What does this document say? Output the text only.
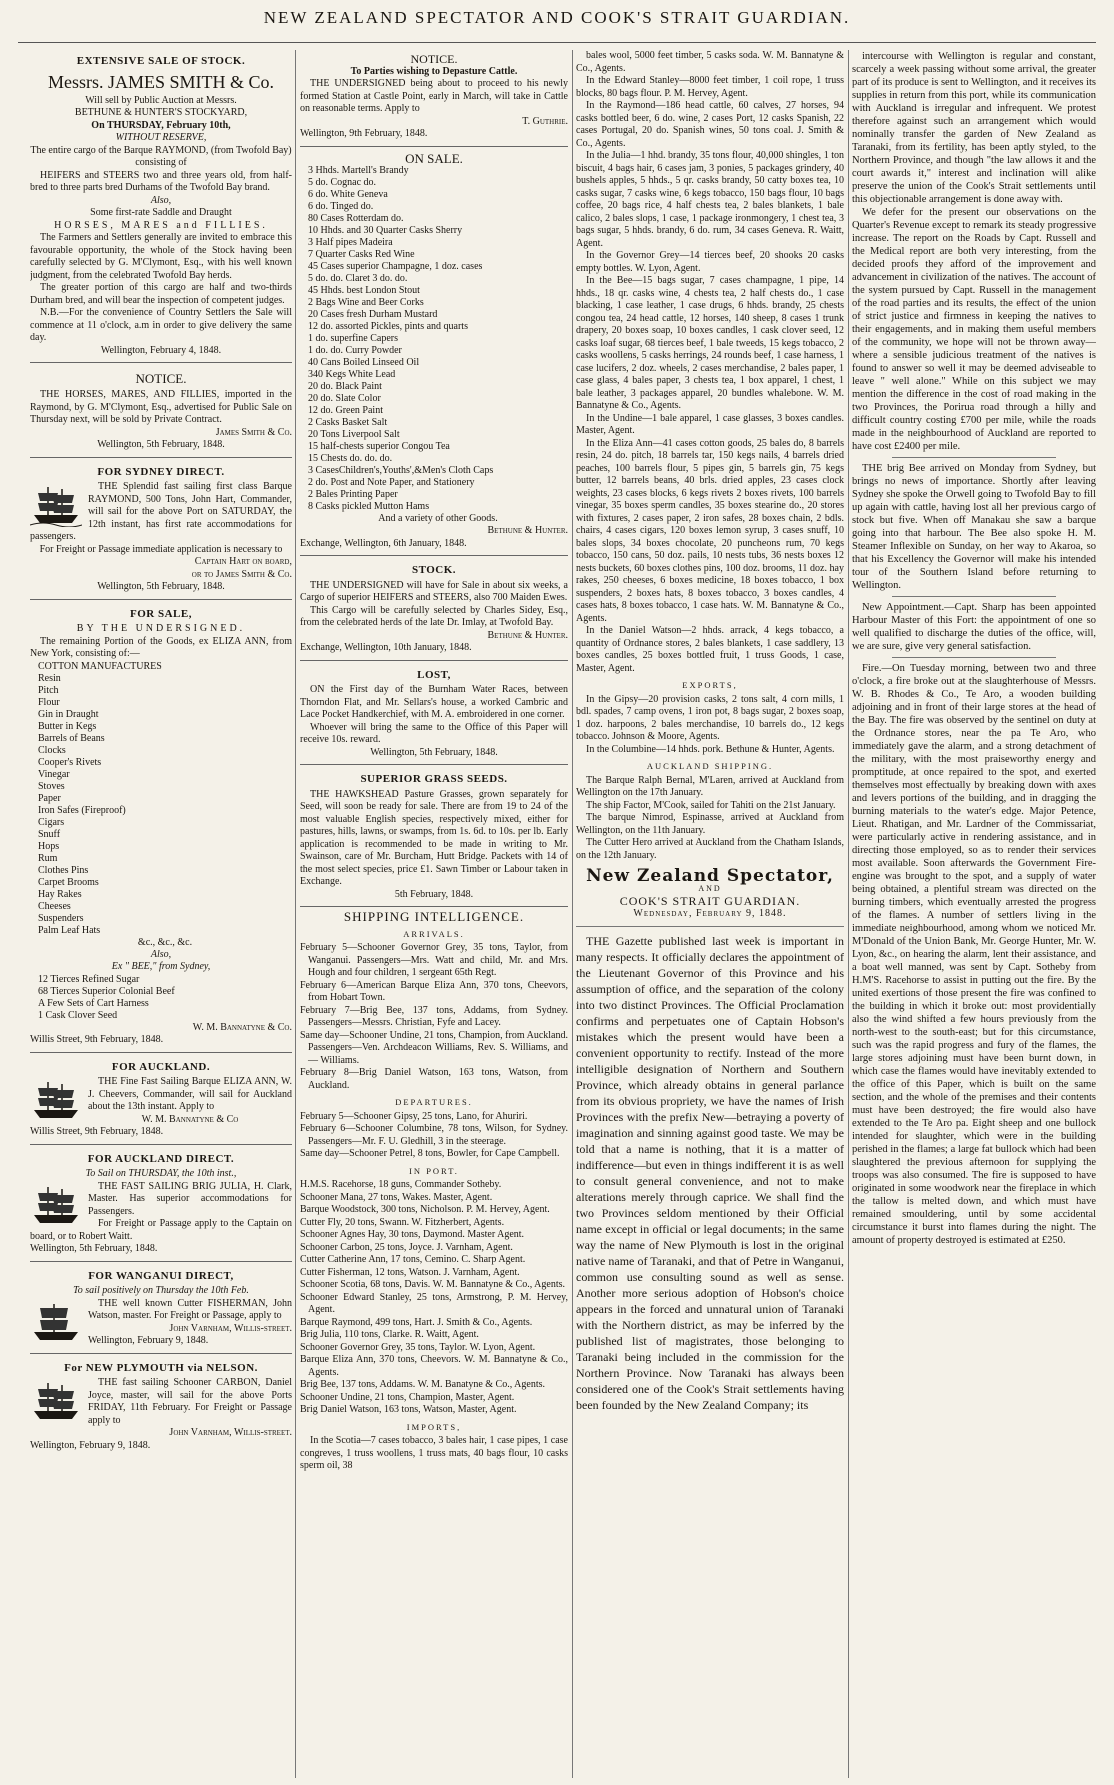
NEW ZEALAND SPECTATOR AND COOK'S STRAIT GUARDIAN.
EXTENSIVE SALE OF STOCK.
Messrs. JAMES SMITH & Co.
Will sell by Public Auction at Messrs.
BETHUNE & HUNTER'S STOCKYARD,
On THURSDAY, February 10th,
WITHOUT RESERVE,
The entire cargo of the Barque RAYMOND, (from Twofold Bay) consisting of
HEIFERS and STEERS two and three years old, from half-bred to three parts bred Durhams of the Twofold Bay brand.
Also,
Some first-rate Saddle and Draught
HORSES, MARES and FILLIES.
The Farmers and Settlers generally are invited to embrace this favourable opportunity, the whole of the Stock having been carefully selected by G. M'Clymont, Esq., with his well known judgment, from the celebrated Twofold Bay herds.
The greater portion of this cargo are half and two-thirds Durham bred, and will bear the inspection of competent judges.
N.B.—For the convenience of Country Settlers the Sale will commence at 11 o'clock, a.m in order to give delivery the same day.
Wellington, February 4, 1848.
NOTICE.
THE HORSES, MARES, AND FILLIES, imported in the Raymond, by G. M'Clymont, Esq., advertised for Public Sale on Thursday next, will be sold by Private Contract.
James Smith & Co.
Wellington, 5th February, 1848.
FOR SYDNEY DIRECT.
THE Splendid fast sailing first class Barque RAYMOND, 500 Tons, John Hart, Commander, will sail for the above Port on SATURDAY, the 12th instant, has first rate accommodations for passengers.
For Freight or Passage immediate application is necessary to
Captain Hart on board,
or to James Smith & Co.
Wellington, 5th February, 1848.
FOR SALE,
BY THE UNDERSIGNED.
The remaining Portion of the Goods, ex ELIZA ANN, from New York, consisting of:—
COTTON MANUFACTURES
Resin
Pitch
Flour
Gin in Draught
Butter in Kegs
Barrels of Beans
Clocks
Cooper's Rivets
Vinegar
Stoves
Paper
Iron Safes (Fireproof)
Cigars
Snuff
Hops
Rum
Clothes Pins
Carpet Brooms
Hay Rakes
Cheeses
Suspenders
Palm Leaf Hats
&c., &c., &c.
Also,
Ex " BEE," from Sydney,
12 Tierces Refined Sugar
68 Tierces Superior Colonial Beef
A Few Sets of Cart Harness
1 Cask Clover Seed
W. M. Bannatyne & Co.
Willis Street, 9th February, 1848.
FOR AUCKLAND.
THE Fine Fast Sailing Barque ELIZA ANN, W. J. Cheevers, Commander, will sail for Auckland about the 13th instant. Apply to
W. M. Bannatyne & Co
Willis Street, 9th February, 1848.
FOR AUCKLAND DIRECT.
To Sail on THURSDAY, the 10th inst.,
THE FAST SAILING BRIG JULIA, H. Clark, Master. Has superior accommodations for Passengers.
For Freight or Passage apply to the Captain on board, or to Robert Waitt.
Wellington, 5th February, 1848.
FOR WANGANUI DIRECT,
To sail positively on Thursday the 10th Feb.
THE well known Cutter FISHERMAN, John Watson, master. For Freight or Passage, apply to
John Varnham, Willis-street.
Wellington, February 9, 1848.
For NEW PLYMOUTH via NELSON.
THE fast sailing Schooner CARBON, Daniel Joyce, master, will sail for the above Ports FRIDAY, 11th February. For Freight or Passage apply to
John Varnham, Willis-street.
Wellington, February 9, 1848.
NOTICE.
To Parties wishing to Depasture Cattle.
THE UNDERSIGNED being about to proceed to his newly formed Station at Castle Point, early in March, will take in Cattle on reasonable terms. Apply to
T. Guthrie.
Wellington, 9th February, 1848.
ON SALE.
3 Hhds. Martell's Brandy
5 do. Cognac do.
6 do. White Geneva
6 do. Tinged do.
80 Cases Rotterdam do.
10 Hhds. and 30 Quarter Casks Sherry
3 Half pipes Madeira
7 Quarter Casks Red Wine
45 Cases superior Champagne, 1 doz. cases
5 do. do. Claret 3 do. do.
45 Hhds. best London Stout
2 Bags Wine and Beer Corks
20 Cases fresh Durham Mustard
12 do. assorted Pickles, pints and quarts
1 do. superfine Capers
1 do. do. Curry Powder
40 Cans Boiled Linseed Oil
340 Kegs White Lead
20 do. Black Paint
20 do. Slate Color
12 do. Green Paint
2 Casks Basket Salt
20 Tons Liverpool Salt
15 half-chests superior Congou Tea
15 Chests do. do. do.
3 CasesChildren's,Youths',&Men's Cloth Caps
2 do. Post and Note Paper, and Stationery
2 Bales Printing Paper
8 Casks pickled Mutton Hams
And a variety of other Goods.
Bethune & Hunter.
Exchange, Wellington, 6th January, 1848.
STOCK.
THE UNDERSIGNED will have for Sale in about six weeks, a Cargo of superior HEIFERS and STEERS, also 700 Maiden Ewes.
This Cargo will be carefully selected by Charles Sidey, Esq., from the celebrated herds of the late Dr. Imlay, at Twofold Bay.
Bethune & Hunter.
Exchange, Wellington, 10th January, 1848.
LOST,
ON the First day of the Burnham Water Races, between Thorndon Flat, and Mr. Sellars's house, a worked Cambric and Lace Pocket Handkerchief, with M. A. embroidered in one corner.
Whoever will bring the same to the Office of this Paper will receive 10s. reward.
Wellington, 5th February, 1848.
SUPERIOR GRASS SEEDS.
THE HAWKSHEAD Pasture Grasses, grown separately for Seed, will soon be ready for sale. There are from 19 to 24 of the most valuable English species, respectively mixed, either for pastures, hills, lawns, or swamps, from 1s. 6d. to 10s. per lb. Early application is recommended to be made in writing to Mr. Swainson, care of Mr. Burcham, Hutt Bridge. Packets with 14 of the most select species, price £1. Sawn Timber or Labour taken in Exchange.
5th February, 1848.
SHIPPING INTELLIGENCE.
ARRIVALS.
February 5—Schooner Governor Grey, 35 tons, Taylor, from Wanganui. Passengers—Mrs. Watt and child, Mr. and Mrs. Hough and four children, 1 sergeant 65th Regt.
February 6—American Barque Eliza Ann, 370 tons, Cheevors, from Hobart Town.
February 7—Brig Bee, 137 tons, Addams, from Sydney. Passengers—Messrs. Christian, Fyfe and Lacey.
Same day—Schooner Undine, 21 tons, Champion, from Auckland. Passengers—Ven. Archdeacon Williams, Rev. S. Williams, and — Williams.
February 8—Brig Daniel Watson, 163 tons, Watson, from Auckland.
DEPARTURES.
February 5—Schooner Gipsy, 25 tons, Lano, for Ahuriri.
February 6—Schooner Columbine, 78 tons, Wilson, for Sydney. Passengers—Mr. F. U. Gledhill, 3 in the steerage.
Same day—Schooner Petrel, 8 tons, Bowler, for Cape Campbell.
IN PORT.
H.M.S. Racehorse, 18 guns, Commander Sotheby.
Schooner Mana, 27 tons, Wakes. Master, Agent.
Barque Woodstock, 300 tons, Nicholson. P. M. Hervey, Agent.
Cutter Fly, 20 tons, Swann. W. Fitzherbert, Agents.
Schooner Agnes Hay, 30 tons, Daymond. Master Agent.
Schooner Carbon, 25 tons, Joyce. J. Varnham, Agent.
Cutter Catherine Ann, 17 tons, Cemino. C. Sharp Agent.
Cutter Fisherman, 12 tons, Watson. J. Varnham, Agent.
Schooner Scotia, 68 tons, Davis. W. M. Bannatyne & Co., Agents.
Schooner Edward Stanley, 25 tons, Armstrong, P. M. Hervey, Agent.
Barque Raymond, 499 tons, Hart. J. Smith & Co., Agents.
Brig Julia, 110 tons, Clarke. R. Waitt, Agent.
Schooner Governor Grey, 35 tons, Taylor. W. Lyon, Agent.
Barque Eliza Ann, 370 tons, Cheevors. W. M. Bannatyne & Co., Agents.
Brig Bee, 137 tons, Addams. W. M. Banatyne & Co., Agents.
Schooner Undine, 21 tons, Champion, Master, Agent.
Brig Daniel Watson, 163 tons, Watson, Master, Agent.
IMPORTS,
In the Scotia—7 cases tobacco, 3 bales hair, 1 case pipes, 1 case congreves, 1 truss woollens, 1 truss mats, 40 bags flour, 10 casks sperm oil, 38
bales wool, 5000 feet timber, 5 casks soda. W. M. Bannatyne & Co., Agents.
In the Edward Stanley—8000 feet timber, 1 coil rope, 1 truss blocks, 80 bags flour. P. M. Hervey, Agent.
In the Raymond—186 head cattle, 60 calves, 27 horses, 94 casks bottled beer, 6 do. wine, 2 cases Port, 12 casks Spanish, 22 cases Portugal, 20 do. Spanish wines, 50 tons coal. J. Smith & Co., Agents.
In the Julia—1 hhd. brandy, 35 tons flour, 40,000 shingles, 1 ton biscuit, 4 bags hair, 6 cases jam, 3 ponies, 5 packages grindery, 40 bushels apples, 5 hhds., 5 qr. casks brandy, 50 catty boxes tea, 10 casks sugar, 7 casks wine, 6 kegs tobacco, 150 bags flour, 10 bags coffee, 20 bags rice, 4 half chests tea, 2 bales blankets, 1 bale calico, 2 bales slops, 1 case, 1 package ironmongery, 1 chest tea, 3 bags sugar, 5 hhds. brandy, 6 do. rum, 34 cases Geneva. R. Waitt, Agent.
In the Governor Grey—14 tierces beef, 20 shooks 20 casks empty bottles. W. Lyon, Agent.
In the Bee—15 bags sugar, 7 cases champagne, 1 pipe, 14 hhds., 18 qr. casks wine, 4 chests tea, 2 half chests do., 1 case blacking, 1 case leather, 1 case drugs, 6 hhds. brandy, 25 chests congou tea, 24 head cattle, 12 horses, 140 sheep, 8 cases 1 trunk drapery, 20 boxes soap, 10 boxes candles, 1 cask clover seed, 12 casks loaf sugar, 68 tierces beef, 1 bale tweeds, 15 kegs tobacco, 2 casks woollens, 5 casks herrings, 24 rounds beef, 1 case harness, 1 case lucifers, 2 doz. wheels, 2 cases merchandise, 2 bales paper, 1 case glass, 4 bales paper, 3 chests tea, 1 box apparel, 1 chest, 1 bale leather, 3 packages apparel, 20 bundles whalebone. W. M. Bannatyne & Co., Agents.
In the Undine—1 bale apparel, 1 case glasses, 3 boxes candles. Master, Agent.
In the Eliza Ann—41 cases cotton goods, 25 bales do, 8 barrels resin, 24 do. pitch, 18 barrels tar, 150 kegs nails, 4 barrels dried peaches, 100 barrels flour, 5 pipes gin, 5 barrels gin, 75 kegs butter, 12 barrels beans, 40 brls. dried apples, 23 cases clock weights, 23 cases blocks, 6 kegs rivets 2 boxes rivets, 100 barrels vinegar, 35 boxes sperm candles, 35 boxes stearine do., 20 stores with fixtures, 2 cases paper, 2 iron safes, 28 boxes chain, 2 bdls. chairs, 4 cases cigars, 120 boxes lemon syrup, 3 cases snuff, 10 bales slops, 34 boxes chocolate, 20 puncheons rum, 70 kegs tobacco, 150 cans, 50 doz. pails, 10 nests tubs, 36 nests boxes 12 nests buckets, 60 boxes clothes pins, 100 doz. brooms, 11 doz. hay rakes, 250 cheeses, 6 boxes medicine, 18 boxes tobacco, 1 box suspenders, 2 boxes hats, 8 boxes tobacco, 3 boxes candles, 4 cases hats, 8 boxes tobacco, 1 case hats. W. M. Bannatyne & Co., Agents.
In the Daniel Watson—2 hhds. arrack, 4 kegs tobacco, a quantity of Ordnance stores, 2 bales blankets, 1 case saddlery, 13 boxes candles, 25 boxes bottled fruit, 1 truss Goods, 1 case, Master, Agent.
EXPORTS,
In the Gipsy—20 provision casks, 2 tons salt, 4 corn mills, 1 bdl. spades, 7 camp ovens, 1 iron pot, 8 bags sugar, 2 boxes soap, 1 doz. harpoons, 2 bales merchandise, 10 barrels do., 12 kegs tobacco. Johnson & Moore, Agents.
In the Columbine—14 hhds. pork. Bethune & Hunter, Agents.
AUCKLAND SHIPPING.
The Barque Ralph Bernal, M'Laren, arrived at Auckland from Wellington on the 17th January.
The ship Factor, M'Cook, sailed for Tahiti on the 21st January.
The barque Nimrod, Espinasse, arrived at Auckland from Wellington, on the 11th January.
The Cutter Hero arrived at Auckland from the Chatham Islands, on the 12th January.
New Zealand Spectator,
AND
COOK'S STRAIT GUARDIAN.
Wednesday, February 9, 1848.
THE Gazette published last week is important in many respects. It officially declares the appointment of the Lieutenant Governor of this Province and his assumption of office, and the separation of the colony into two distinct Provinces. The Official Proclamation confirms and perpetuates one of Captain Hobson's mistakes which the present would have been a convenient opportunity to rectify. Instead of the more intelligible designation of Northern and Southern Province, which already obtains in general parlance from its obvious propriety, we have the names of Irish Provinces with the prefix New—betraying a poverty of imagination and sinning against good taste. We may be told that a name is nothing, that it is a matter of indifference—but even in things indifferent it is as well to consult general convenience, and not to make alterations merely through caprice. We shall find the two Provinces seldom mentioned by their Official name except in official or legal documents; in the same way the name of New Plymouth is lost in the original native name of Taranaki, and that of Petre in Wanganui, common use consulting sound as well as sense. Another more serious adoption of Hobson's choice appears in the forced and unnatural union of Taranaki with the Northern district, as may be inferred by the published list of magistrates, those belonging to Taranaki being included in the commission for the Northern Province. Now Taranaki has always been considered one of the Cook's Strait settlements having been founded by the New Zealand Company; its
intercourse with Wellington is regular and constant, scarcely a week passing without some arrival, the greater part of its produce is sent to Wellington, and it receives its supplies in return from this port, while its communication with Auckland is irregular and infrequent. We protest therefore against such an arrangement which would nominally transfer the garden of New Zealand as Taranaki, from its fertility, has been aptly styled, to the Northern Province, and though "the law allows it and the court awards it," interest and inclination will alike preserve the union of the Cook's Strait settlements until this objectionable arrangement is done away with.
We defer for the present our observations on the Quarter's Revenue except to remark its steady progressive increase. The report on the Roads by Capt. Russell and the Medical report are both very interesting, from the decided proofs they afford of the improvement and advancement in civilization of the natives. The account of the system pursued by Capt. Russell in the management of the road parties and its results, the effect of the union of strict justice and firmness in keeping the natives to their engagements, and in making them useful members of the community, we hope will not be thrown away—where a sensible judicious treatment of the natives is found to answer so well it may be deemed adviseable to leave " well alone." While on this subject we may mention the difference in the cost of road making in the two Provinces, the Porirua road through a hilly and difficult country costing £700 per mile, while the roads made in the neighbourhood of Auckland are reported to have cost £2400 per mile.
THE brig Bee arrived on Monday from Sydney, but brings no news of importance. Shortly after leaving Sydney she spoke the Orwell going to Twofold Bay to fill up again with cattle, having lost all her previous cargo of stock but five. When off Manakau she saw a barque going into that harbour. The Bee also spoke H. M. Steamer Inflexible on Sunday, on her way to Akaroa, so that his Excellency the Governor will make his intended tour of the Southern Island before returning to Wellington.
New Appointment.—Capt. Sharp has been appointed Harbour Master of this Fort: the appointment of one so well qualified to discharge the duties of the office, will, we are sure, give very general satisfaction.
Fire.—On Tuesday morning, between two and three o'clock, a fire broke out at the slaughterhouse of Messrs. W. B. Rhodes & Co., Te Aro, a wooden building adjoining and in front of their large stores at the head of the Bay. The fire was observed by the sentinel on duty at the Ordnance stores, near the pa Te Aro, who immediately gave the alarm, and a strong detachment of the military, with the most praiseworthy energy and promptitude, at once repaired to the spot, and exerted themselves most effectually by breaking down with axes and levers portions of the building, and in dragging the burning materials to the water's edge. Major Petence, Lieut. Rhatigan, and Mr. Lardner of the Commissariat, were particularly active in rendering assistance, and in directing those employed, so as to render their services most available. Soon afterwards the Government Fire-engine was brought to the spot, and a supply of water being obtained, a plentiful stream was directed on the burning timbers, which eventually arrested the progress of the flames. A number of settlers living in the immediate neighbourhood, among whom we noticed Mr. M'Donald of the Union Bank, Mr. George Hunter, Mr. W. Lyon, &c., on hearing the alarm, lent their assistance, and a boat well manned, was sent by Capt. Sotheby from H.M'S. Racehorse to assist in putting out the fire. By the united exertions of those present the fire was confined to the building in which it broke out: most providentially also the wind shifted a few hours previously from the north-west to the south-east; but for this circumstance, such was the rapid progress and fury of the flames, the large stores adjoining must have been burnt down, in which case the flames would have inevitably extended to the office of this Paper, which is built on the same section, and the whole of the premises and their contents must have been destroyed; the fire would also have extended to the Te Aro pa. Eight sheep and one bullock intended for slaughter, which were in the building perished in the flames; a large fat bullock which had been slaughtered the previous afternoon for supplying the troops was also consumed. The fire is supposed to have originated in some woodwork near the fireplace in which the tallow is melted down, and which must have remained smouldering, until by some accidental circumstance it burst into flames during the night. The amount of property destroyed is estimated at £250.
